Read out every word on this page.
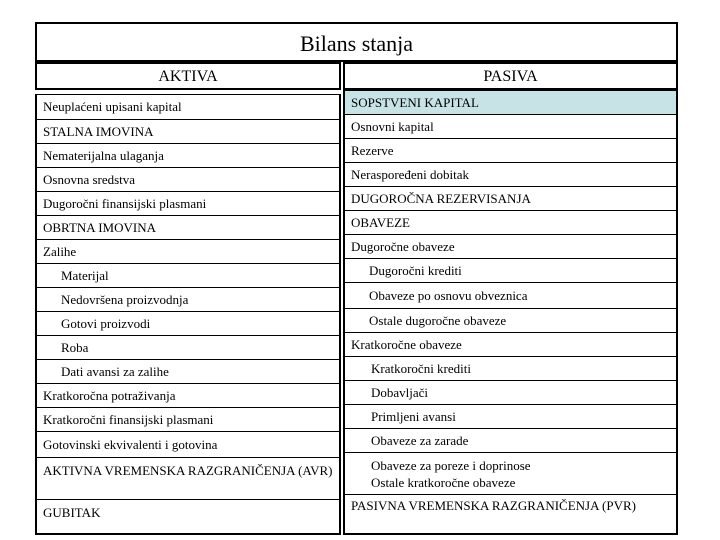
Bilans stanja
AKTIVA	PASIVA
Neuplaćeni upisani kapital
STALNA IMOVINA
Nematerijalna ulaganja
Osnovna sredstva
Dugoročni finansijski plasmani
OBRTNA IMOVINA
Zalihe
Materijal
Nedovršena proizvodnja
Gotovi proizvodi
Roba
Dati avansi za zalihe
Kratkoročna potraživanja
Kratkoročni finansijski plasmani
Gotovinski ekvivalenti i gotovina
AKTIVNA VREMENSKA RAZGRANIČENJA (AVR)
GUBITAK
SOPSTVENI KAPITAL
Osnovni kapital
Rezerve
Neraspoređeni dobitak
DUGOROČNA REZERVISANJA
OBAVEZE
Dugoročne obaveze
Dugoročni krediti
Obaveze po osnovu obveznica
Ostale dugoročne obaveze
Kratkoročne obaveze
Kratkoročni krediti
Dobavljači
Primljeni avansi
Obaveze za zarade
Obaveze za poreze i doprinose
Ostale kratkoročne obaveze
PASIVNA VREMENSKA RAZGRANIČENJA (PVR)
